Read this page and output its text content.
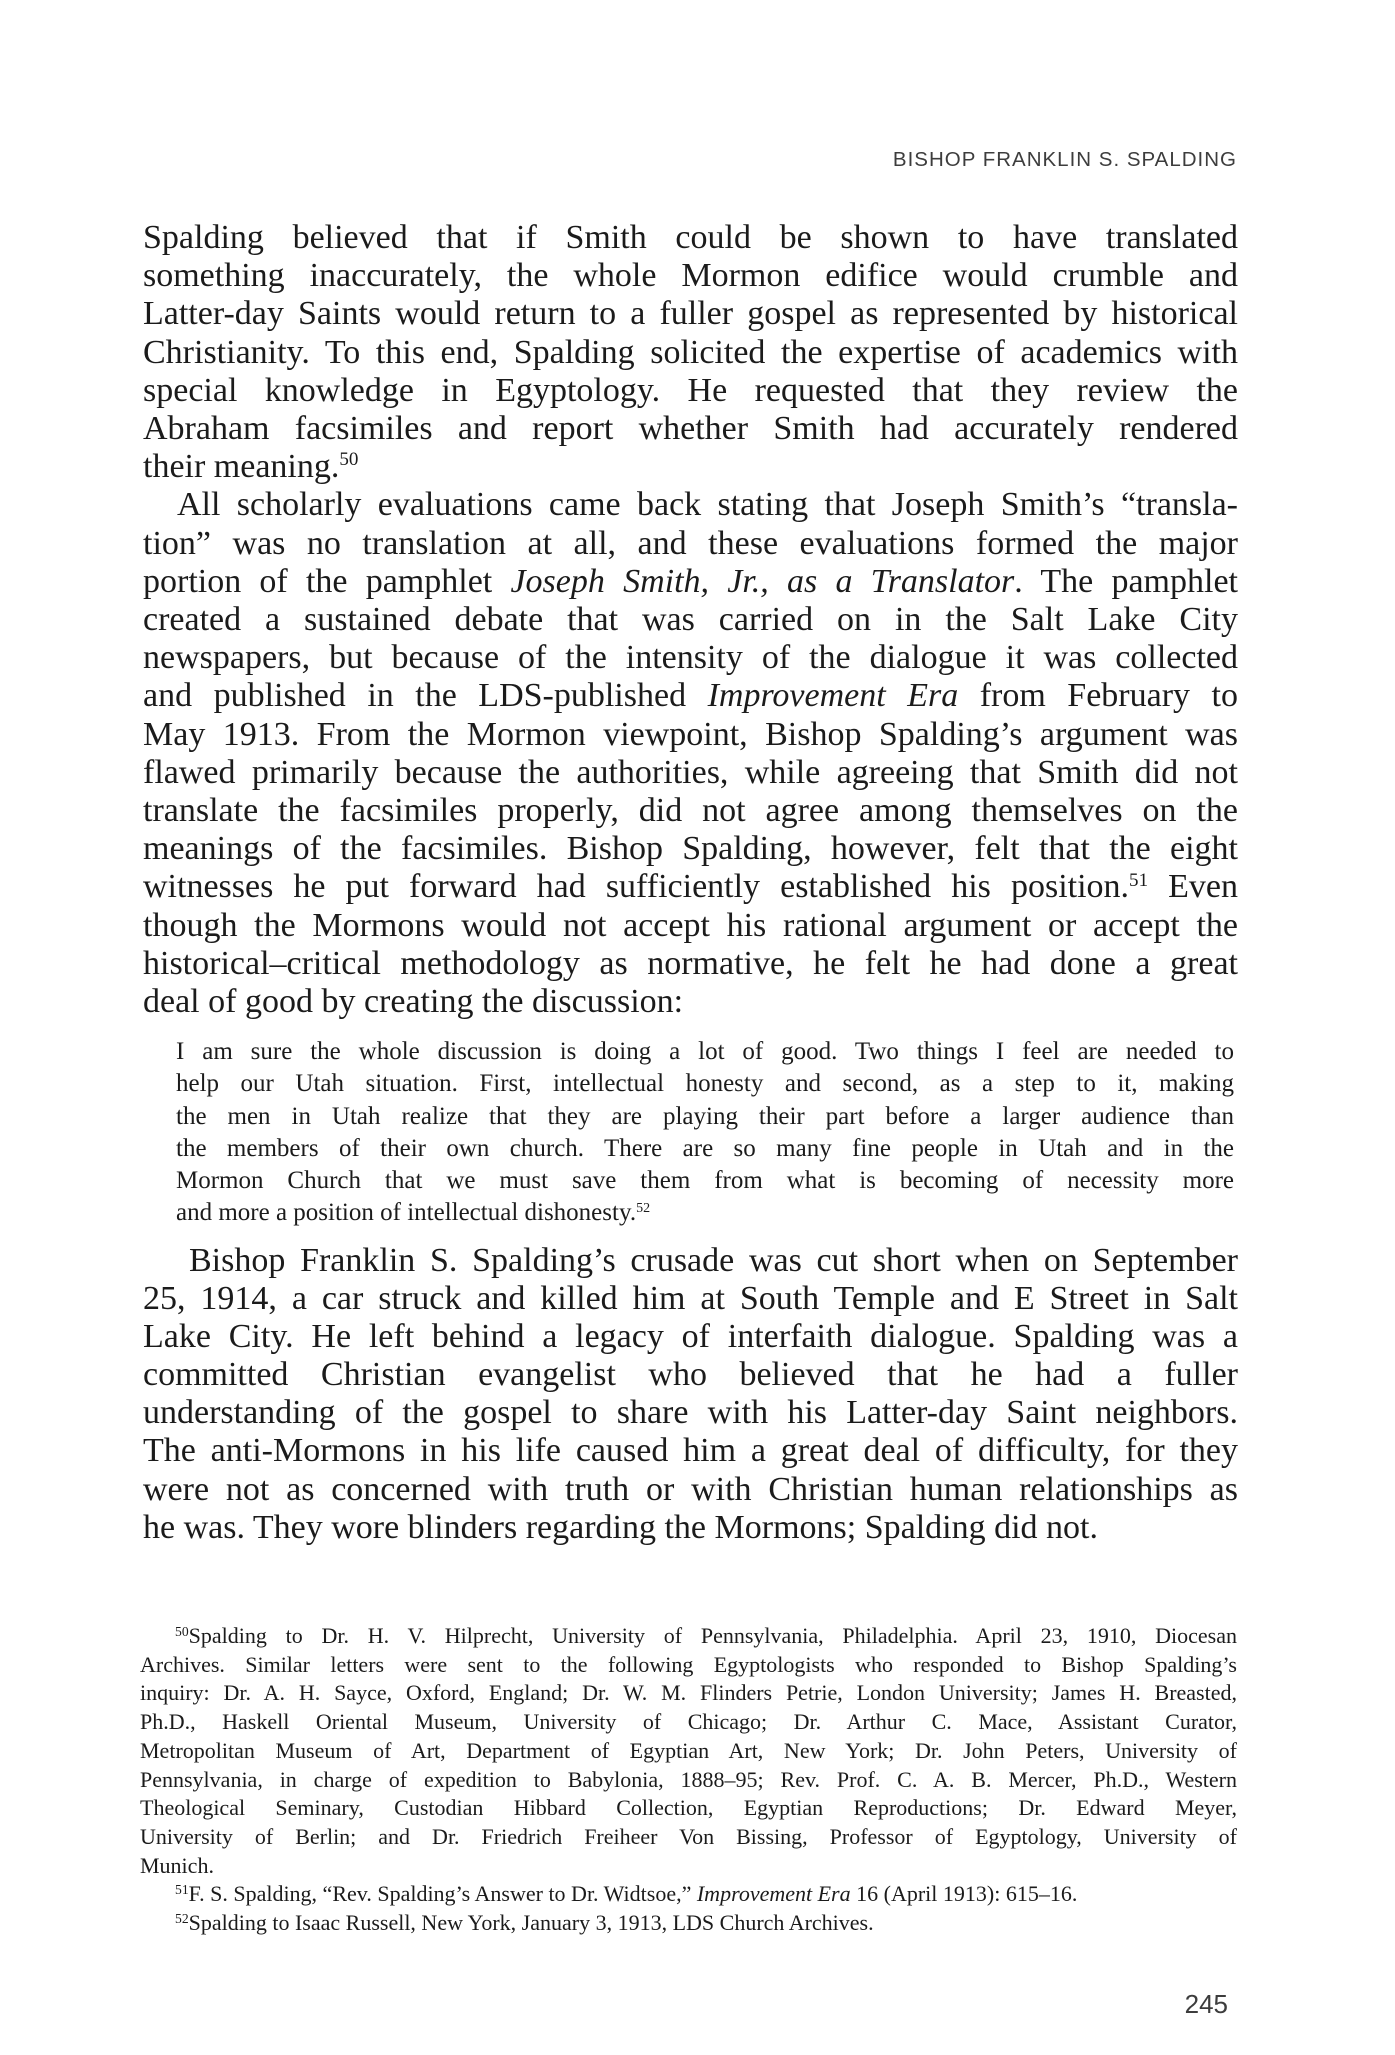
BISHOP FRANKLIN S. SPALDING
Spalding believed that if Smith could be shown to have translated
something inaccurately, the whole Mormon edifice would crumble and
Latter-day Saints would return to a fuller gospel as represented by historical
Christianity. To this end, Spalding solicited the expertise of academics with
special knowledge in Egyptology. He requested that they review the
Abraham facsimiles and report whether Smith had accurately rendered
their meaning.$^{50}$
All scholarly evaluations came back stating that Joseph Smith’s “transla-
tion” was no translation at all, and these evaluations formed the major
portion of the pamphlet Joseph Smith, Jr., as a Translator. The pamphlet
created a sustained debate that was carried on in the Salt Lake City
newspapers, but because of the intensity of the dialogue it was collected
and published in the LDS-published Improvement Era from February to
May 1913. From the Mormon viewpoint, Bishop Spalding’s argument was
flawed primarily because the authorities, while agreeing that Smith did not
translate the facsimiles properly, did not agree among themselves on the
meanings of the facsimiles. Bishop Spalding, however, felt that the eight
witnesses he put forward had sufficiently established his position.$^{51}$ Even
though the Mormons would not accept his rational argument or accept the
historical–critical methodology as normative, he felt he had done a great
deal of good by creating the discussion:
I am sure the whole discussion is doing a lot of good. Two things I feel are needed to
help our Utah situation. First, intellectual honesty and second, as a step to it, making
the men in Utah realize that they are playing their part before a larger audience than
the members of their own church. There are so many fine people in Utah and in the
Mormon Church that we must save them from what is becoming of necessity more
and more a position of intellectual dishonesty.$^{52}$
Bishop Franklin S. Spalding’s crusade was cut short when on September
25, 1914, a car struck and killed him at South Temple and E Street in Salt
Lake City. He left behind a legacy of interfaith dialogue. Spalding was a
committed Christian evangelist who believed that he had a fuller
understanding of the gospel to share with his Latter-day Saint neighbors.
The anti-Mormons in his life caused him a great deal of difficulty, for they
were not as concerned with truth or with Christian human relationships as
he was. They wore blinders regarding the Mormons; Spalding did not.
$^{50}$Spalding to Dr. H. V. Hilprecht, University of Pennsylvania, Philadelphia. April 23, 1910, Diocesan
Archives. Similar letters were sent to the following Egyptologists who responded to Bishop Spalding’s
inquiry: Dr. A. H. Sayce, Oxford, England; Dr. W. M. Flinders Petrie, London University; James H. Breasted,
Ph.D., Haskell Oriental Museum, University of Chicago; Dr. Arthur C. Mace, Assistant Curator,
Metropolitan Museum of Art, Department of Egyptian Art, New York; Dr. John Peters, University of
Pennsylvania, in charge of expedition to Babylonia, 1888–95; Rev. Prof. C. A. B. Mercer, Ph.D., Western
Theological Seminary, Custodian Hibbard Collection, Egyptian Reproductions; Dr. Edward Meyer,
University of Berlin; and Dr. Friedrich Freiheer Von Bissing, Professor of Egyptology, University of
Munich.
$^{51}$F. S. Spalding, “Rev. Spalding’s Answer to Dr. Widtsoe,” Improvement Era 16 (April 1913): 615–16.
$^{52}$Spalding to Isaac Russell, New York, January 3, 1913, LDS Church Archives.
245
